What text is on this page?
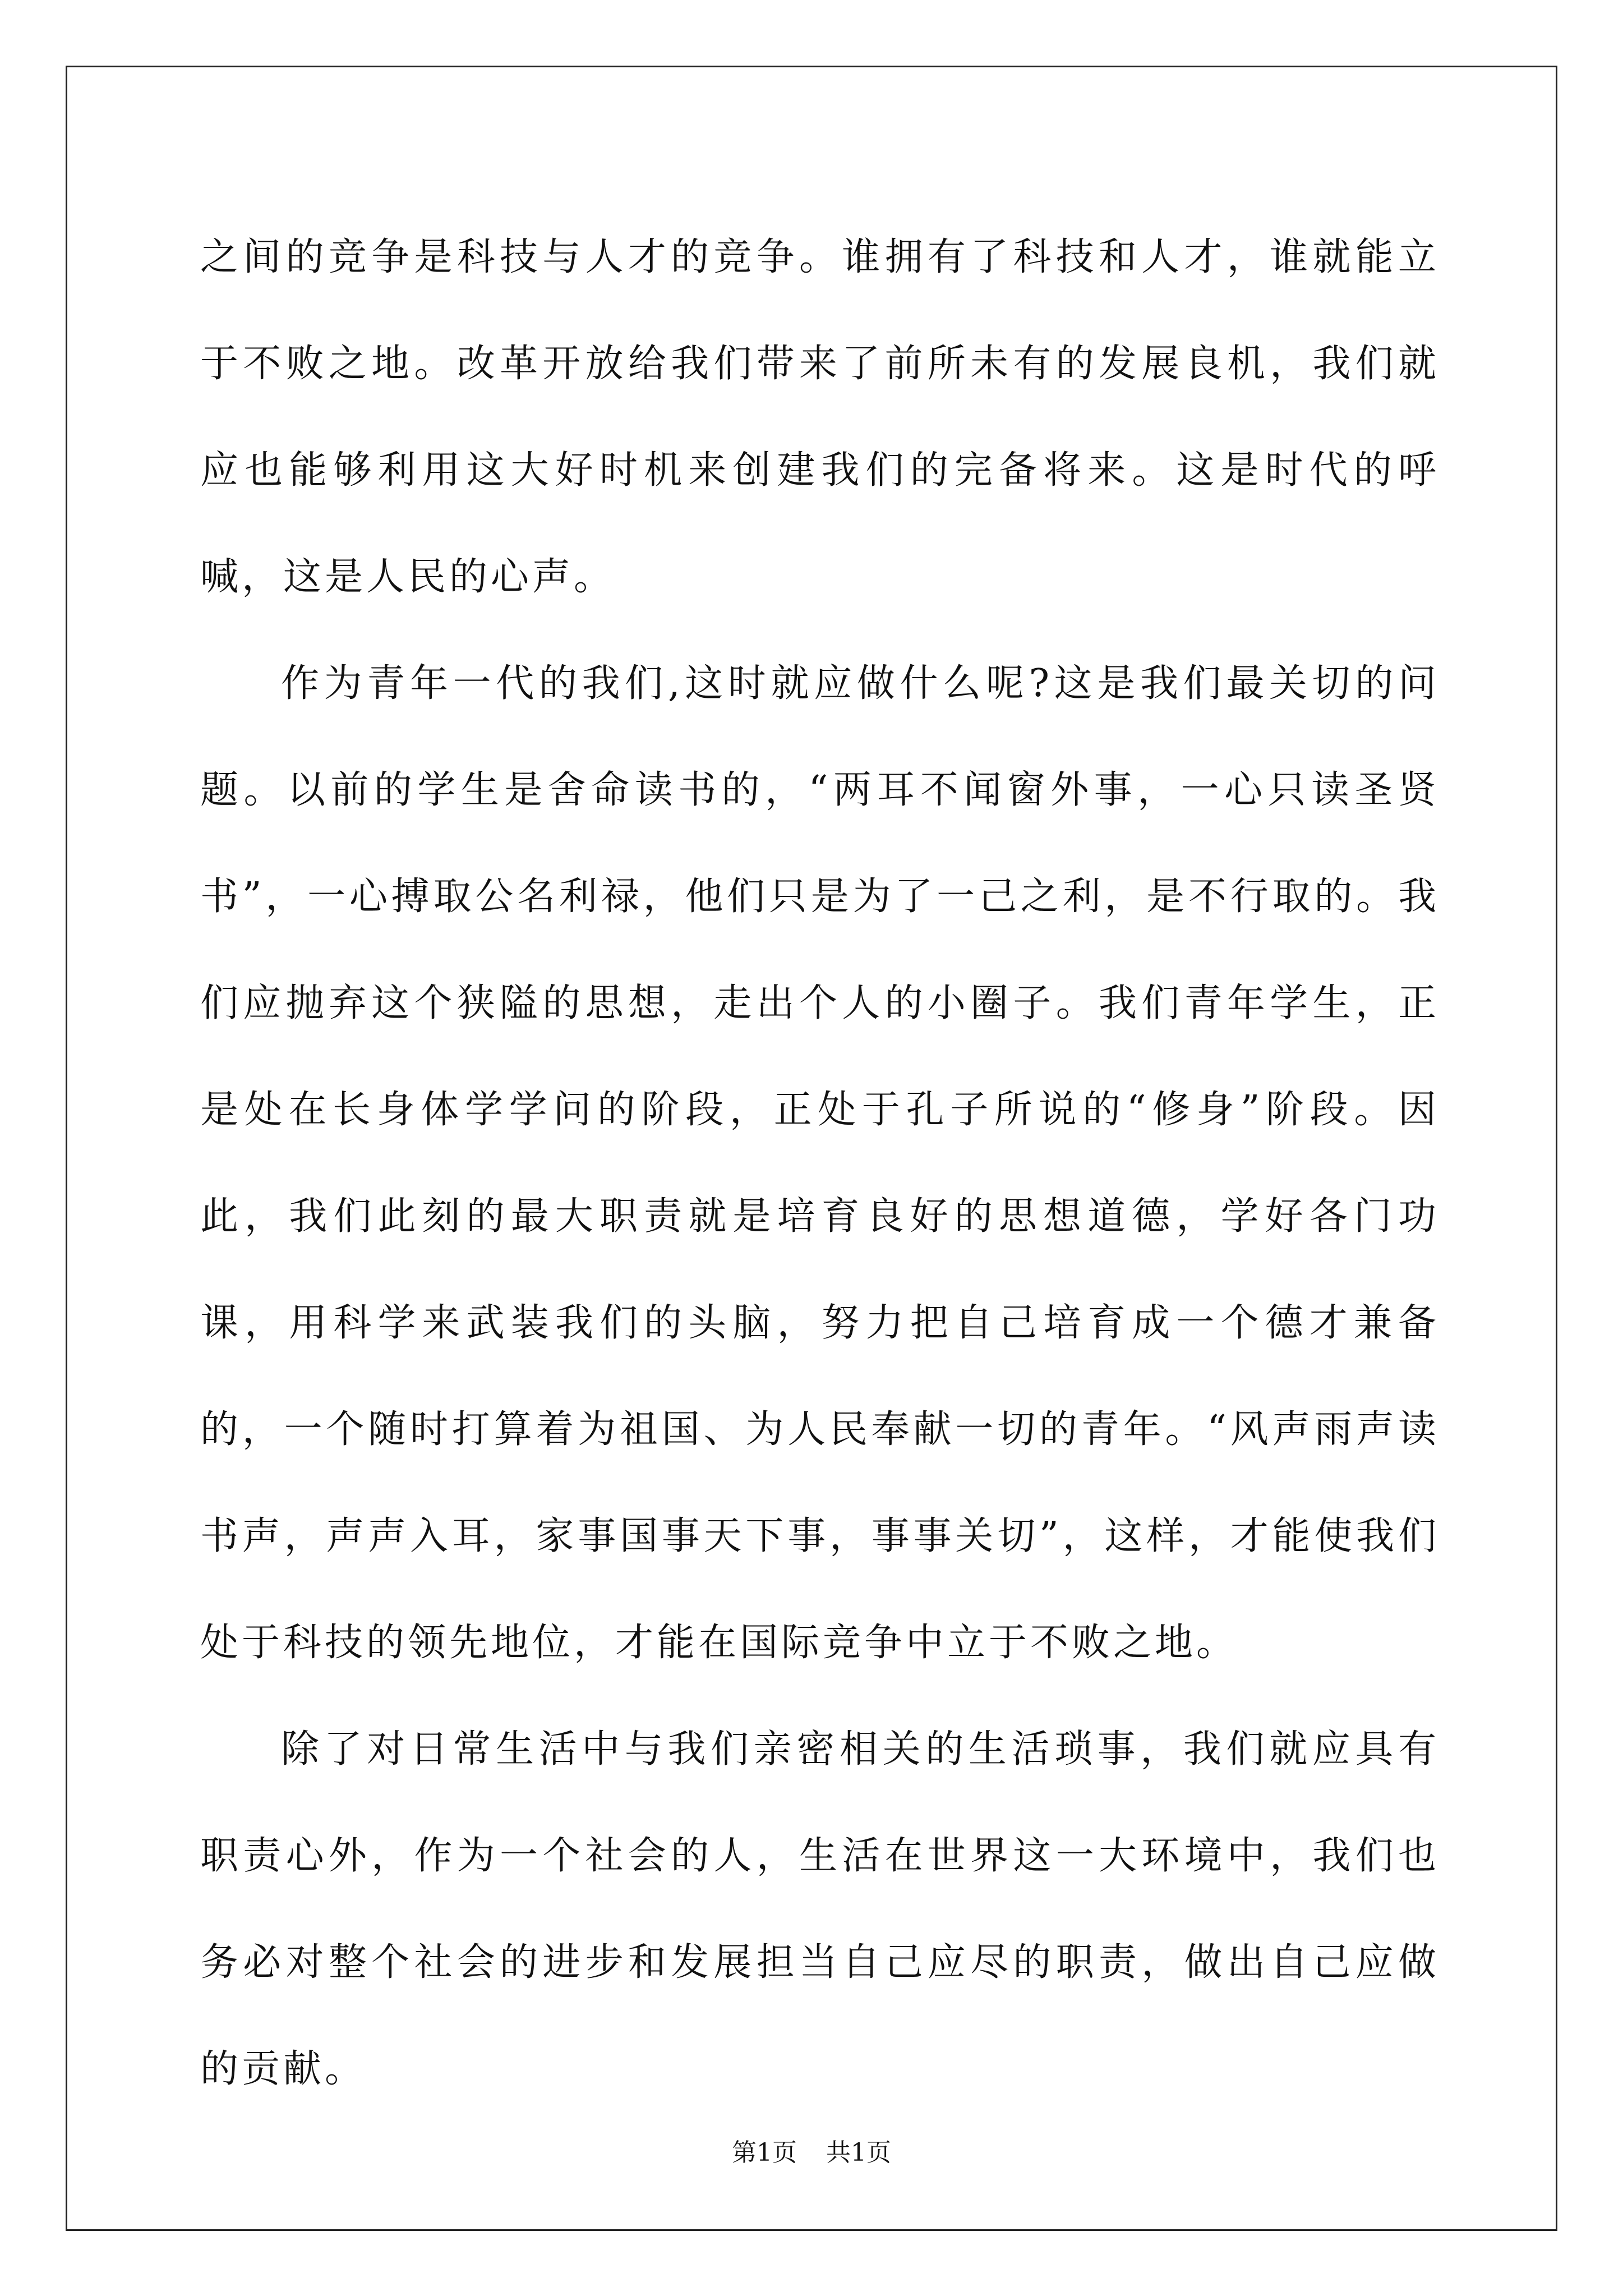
之间的竞争是科技与人才的竞争。谁拥有了科技和人才，谁就能立于不败之地。改革开放给我们带来了前所未有的发展良机，我们就应也能够利用这大好时机来创建我们的完备将来。这是时代的呼喊，这是人民的心声。

作为青年一代的我们,这时就应做什么呢?这是我们最关切的问题。以前的学生是舍命读书的，“两耳不闻窗外事，一心只读圣贤书”，一心搏取公名利禄，他们只是为了一己之利，是不行取的。我们应抛弃这个狭隘的思想，走出个人的小圈子。我们青年学生，正是处在长身体学学问的阶段，正处于孔子所说的“修身”阶段。因此，我们此刻的最大职责就是培育良好的思想道德，学好各门功课，用科学来武装我们的头脑，努力把自己培育成一个德才兼备的，一个随时打算着为祖国、为人民奉献一切的青年。“风声雨声读书声，声声入耳，家事国事天下事，事事关切”，这样，才能使我们处于科技的领先地位，才能在国际竞争中立于不败之地。

除了对日常生活中与我们亲密相关的生活琐事，我们就应具有职责心外，作为一个社会的人，生活在世界这一大环境中，我们也务必对整个社会的进步和发展担当自己应尽的职责，做出自己应做的贡献。

第1页 共1页
